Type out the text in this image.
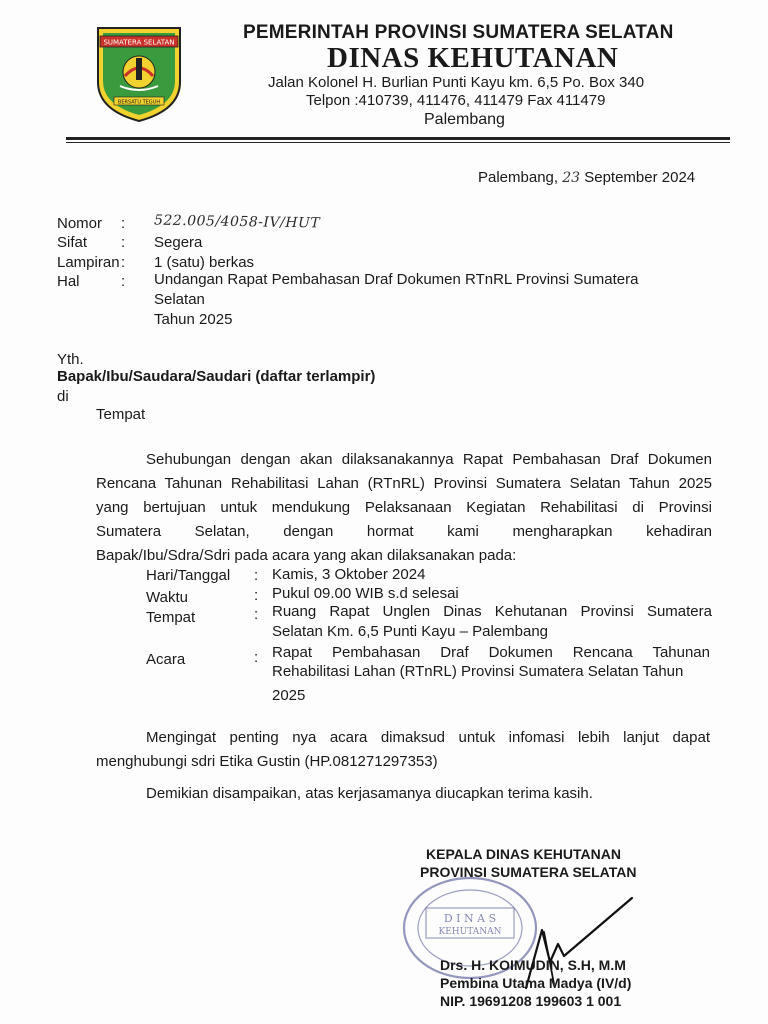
SUMATERA SELATAN
BERSATU TEGUH
PEMERINTAH PROVINSI SUMATERA SELATAN
DINAS KEHUTANAN
Jalan Kolonel H. Burlian Punti Kayu km. 6,5 Po. Box 340
Telpon :410739, 411476, 411479 Fax 411479
Palembang
Palembang, 23 September 2024
Nomor : 522.005/4058-IV/HUT
Sifat : Segera
Lampiran : 1 (satu) berkas
Hal	: Undangan Rapat Pembahasan Draf Dokumen RTnRL Provinsi Sumatera
Selatan
Tahun 2025
Yth.
Bapak/Ibu/Saudara/Saudari (daftar terlampir)
di
Tempat
Sehubungan dengan akan dilaksanakannya Rapat Pembahasan Draf Dokumen
Rencana Tahunan Rehabilitasi Lahan (RTnRL) Provinsi Sumatera Selatan Tahun 2025
yang bertujuan untuk mendukung Pelaksanaan Kegiatan Rehabilitasi di Provinsi
Sumatera Selatan, dengan hormat kami mengharapkan kehadiran
Bapak/Ibu/Sdra/Sdri pada acara yang akan dilaksanakan pada:
Hari/Tanggal : Kamis, 3 Oktober 2024
Waktu	: Pukul 09.00 WIB s.d selesai
Tempat	: Ruang Rapat Unglen Dinas Kehutanan Provinsi Sumatera
Selatan Km. 6,5 Punti Kayu – Palembang
Acara	: Rapat Pembahasan Draf Dokumen Rencana Tahunan
Rehabilitasi Lahan (RTnRL) Provinsi Sumatera Selatan Tahun
2025
Mengingat penting nya acara dimaksud untuk infomasi lebih lanjut dapat
menghubungi sdri Etika Gustin (HP.081271297353)
Demikian disampaikan, atas kerjasamanya diucapkan terima kasih.
KEPALA DINAS KEHUTANAN
PROVINSI SUMATERA SELATAN
D I N A S
KEHUTANAN
Drs. H. KOIMUDIN, S.H, M.M
Pembina Utama Madya (IV/d)
NIP. 19691208 199603 1 001
